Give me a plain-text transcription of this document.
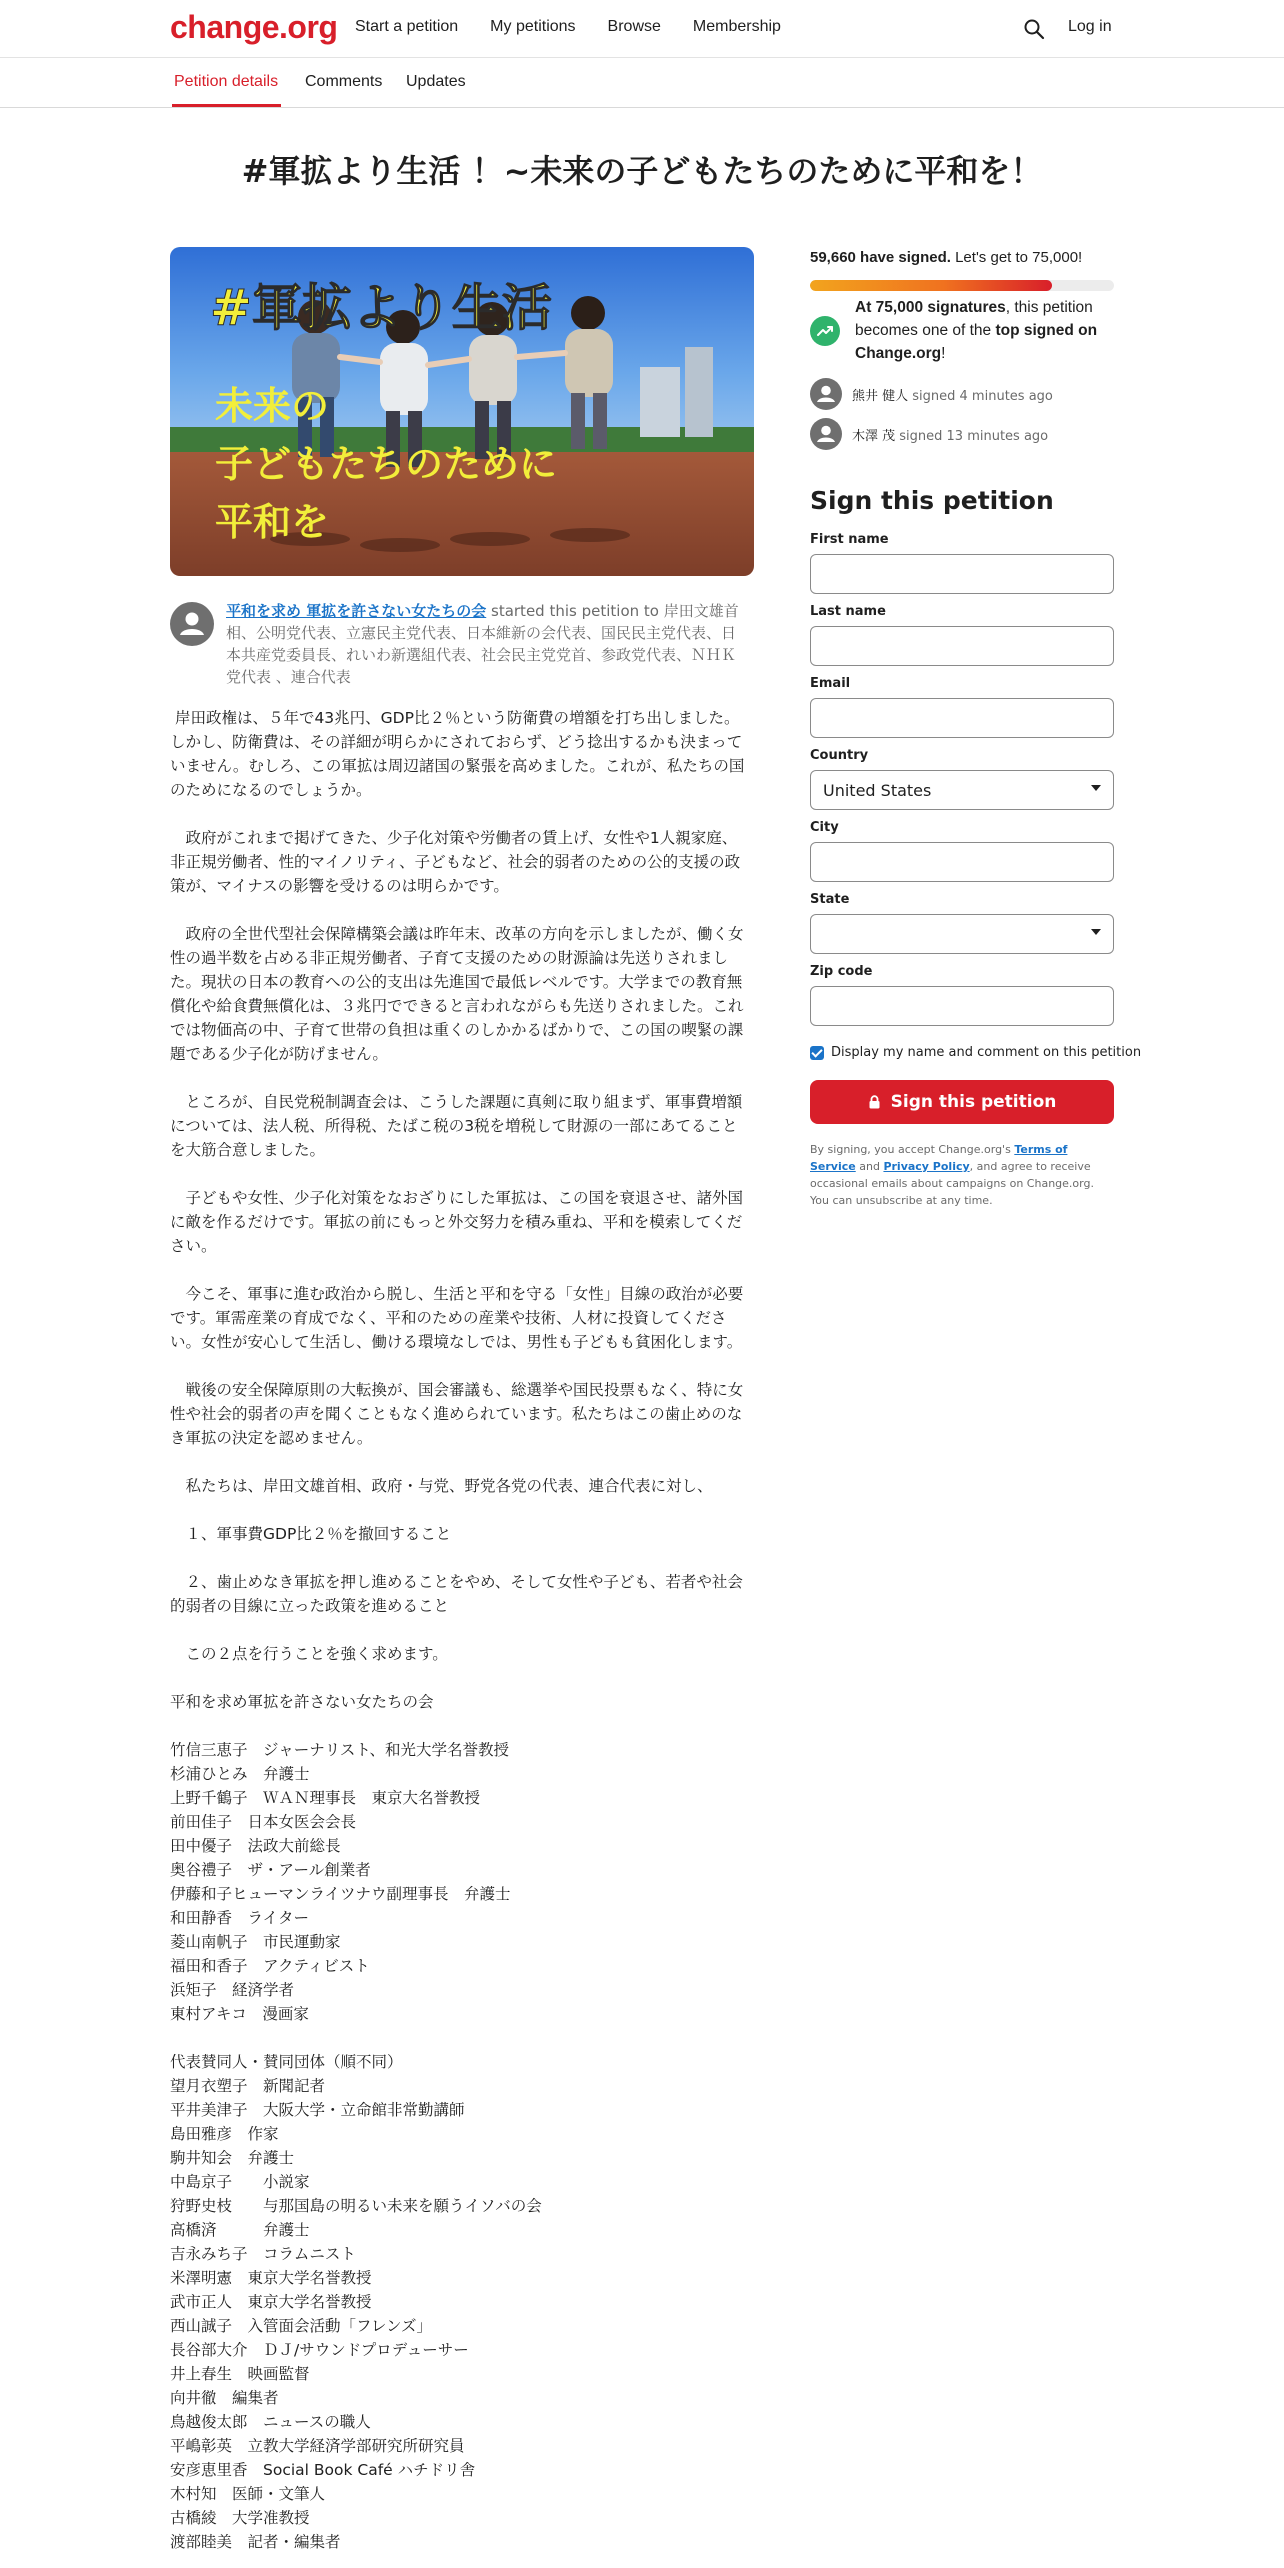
change.org Start a petition My petitions Browse Membership	Log in
Petition details Comments Updates
#軍拡より生活 ！~未来の子どもたちのために平和を！
#軍拡より生活
未来の
子どもたちのために
平和を
平和を求め 軍拡を許さない女たちの会 started this petition to 岸田文雄首相、公明党代表、立憲民主党代表、日本維新の会代表、国民民主党代表、日本共産党委員長、れいわ新選組代表、社会民主党党首、参政党代表、ＮＨＫ党代表 、連合代表
岸田政権は、５年で43兆円、GDP比２％という防衛費の増額を打ち出しました。しかし、防衛費は、その詳細が明らかにされておらず、どう捻出するかも決まっていません。むしろ、この軍拡は周辺諸国の緊張を高めました。これが、私たちの国のためになるのでしょうか。

　政府がこれまで掲げてきた、少子化対策や労働者の賃上げ、女性や1人親家庭、非正規労働者、性的マイノリティ、子どもなど、社会的弱者のための公的支援の政策が、マイナスの影響を受けるのは明らかです。

　政府の全世代型社会保障構築会議は昨年末、改革の方向を示しましたが、働く女性の過半数を占める非正規労働者、子育て支援のための財源論は先送りされました。現状の日本の教育への公的支出は先進国で最低レベルです。大学までの教育無償化や給食費無償化は、３兆円でできると言われながらも先送りされました。これでは物価高の中、子育て世帯の負担は重くのしかかるばかりで、この国の喫緊の課題である少子化が防げません。

　ところが、自民党税制調査会は、こうした課題に真剣に取り組まず、軍事費増額については、法人税、所得税、たばこ税の3税を増税して財源の一部にあてることを大筋合意しました。

　子どもや女性、少子化対策をなおざりにした軍拡は、この国を衰退させ、諸外国に敵を作るだけです。軍拡の前にもっと外交努力を積み重ね、平和を模索してください。

　今こそ、軍事に進む政治から脱し、生活と平和を守る「女性」目線の政治が必要です。軍需産業の育成でなく、平和のための産業や技術、人材に投資してください。女性が安心して生活し、働ける環境なしでは、男性も子どもも貧困化します。

　戦後の安全保障原則の大転換が、国会審議も、総選挙や国民投票もなく、特に女性や社会的弱者の声を聞くこともなく進められています。私たちはこの歯止めのなき軍拡の決定を認めません。

　私たちは、岸田文雄首相、政府・与党、野党各党の代表、連合代表に対し、

　１、軍事費GDP比２％を撤回すること

　２、歯止めなき軍拡を押し進めることをやめ、そして女性や子ども、若者や社会的弱者の目線に立った政策を進めること

　この２点を行うことを強く求めます。

平和を求め軍拡を許さない女たちの会

竹信三恵子　ジャーナリスト、和光大学名誉教授
杉浦ひとみ　弁護士
上野千鶴子　ＷＡＮ理事長　東京大名誉教授
前田佳子　日本女医会会長
田中優子　法政大前総長
奥谷禮子　ザ・アール創業者
伊藤和子ヒューマンライツナウ副理事長　弁護士
和田静香　ライター
菱山南帆子　市民運動家
福田和香子　アクティビスト
浜矩子　経済学者
東村アキコ　漫画家

代表賛同人・賛同団体（順不同）
望月衣塑子　新聞記者
平井美津子　大阪大学・立命館非常勤講師
島田雅彦　作家
駒井知会　弁護士
中島京子　　小説家
狩野史枝　　与那国島の明るい未来を願うイソバの会
高橋済　　　弁護士
吉永みち子　コラムニスト
米澤明憲　東京大学名誉教授
武市正人　東京大学名誉教授
西山誠子　入管面会活動「フレンズ」
長谷部大介　ＤＪ/サウンドプロデューサー
井上春生　映画監督
向井徹　編集者
鳥越俊太郎　ニュースの職人
平嶋彰英　立教大学経済学部研究所研究員
安彦恵里香　Social Book Café ハチドリ舎
木村知　医師・文筆人
古橋綾　大学准教授
渡部睦美　記者・編集者
59,660 have signed. Let's get to 75,000!
At 75,000 signatures, this petition becomes one of the top signed on Change.org!
熊井 健人 signed 4 minutes ago
木澤 茂 signed 13 minutes ago
Sign this petition
First name
Last name
Email
Country
United States
City
State
Zip code
Display my name and comment on this petition
Sign this petition
By signing, you accept Change.org's Terms of Service and Privacy Policy, and agree to receive occasional emails about campaigns on Change.org. You can unsubscribe at any time.
